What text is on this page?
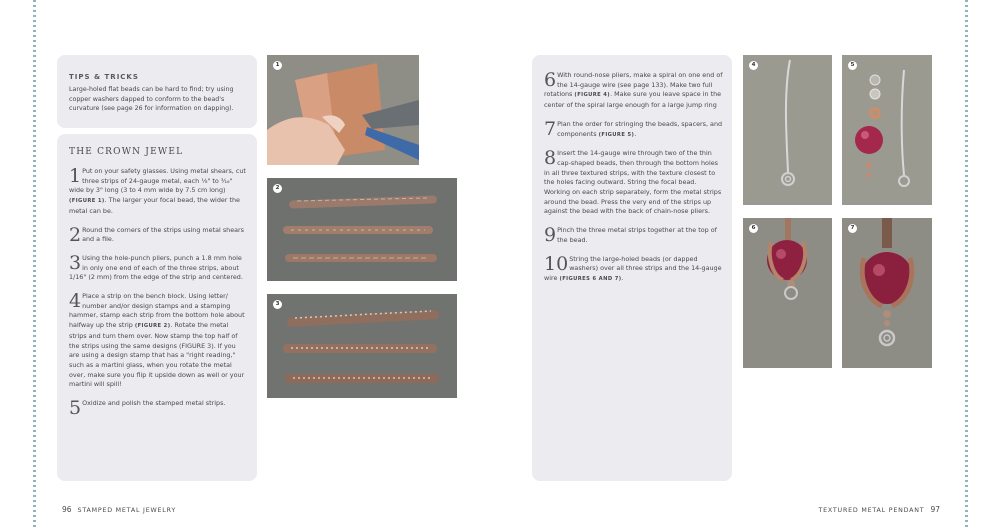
TIPS & TRICKS
Large-holed flat beads can be hard to find; try using copper washers dapped to conform to the bead's curvature (see page 26 for information on dapping).
THE CROWN JEWEL

1 Put on your safety glasses. Using metal shears, cut three strips of 24-gauge metal, each ⅛" to ³⁄₁₆" wide by 3" long (3 to 4 mm wide by 7.5 cm long) (FIGURE 1). The larger your focal bead, the wider the metal can be.

2 Round the corners of the strips using metal shears and a file.

3 Using the hole-punch pliers, punch a 1.8 mm hole in only one end of each of the three strips, about 1/16" (2 mm) from the edge of the strip and centered.

4 Place a strip on the bench block. Using letter/ number and/or design stamps and a stamping hammer, stamp each strip from the bottom hole about halfway up the strip (FIGURE 2). Rotate the metal strips and turn them over. Now stamp the top half of the strips using the same designs (FIGURE 3). If you are using a design stamp that has a "right reading," such as a martini glass, when you rotate the metal over, make sure you flip it upside down as well or your martini will spill!

5 Oxidize and polish the stamped metal strips.

6 With round-nose pliers, make a spiral on one end of the 14-gauge wire (see page 133). Make two full rotations (FIGURE 4). Make sure you leave space in the center of the spiral large enough for a large jump ring

7 Plan the order for stringing the beads, spacers, and components (FIGURE 5).

8 Insert the 14-gauge wire through two of the thin cap-shaped beads, then through the bottom holes in all three textured strips, with the texture closest to the holes facing outward. String the focal bead. Working on each strip separately, form the metal strips around the bead. Press the very end of the strips up against the bead with the back of chain-nose pliers.

9 Pinch the three metal strips together at the top of the bead.

10 String the large-holed beads (or dapped washers) over all three strips and the 14-gauge wire (FIGURES 6 AND 7).

1
2
3
4	5
6	7
96 STAMPED METAL JEWELRY	TEXTURED METAL PENDANT 97
